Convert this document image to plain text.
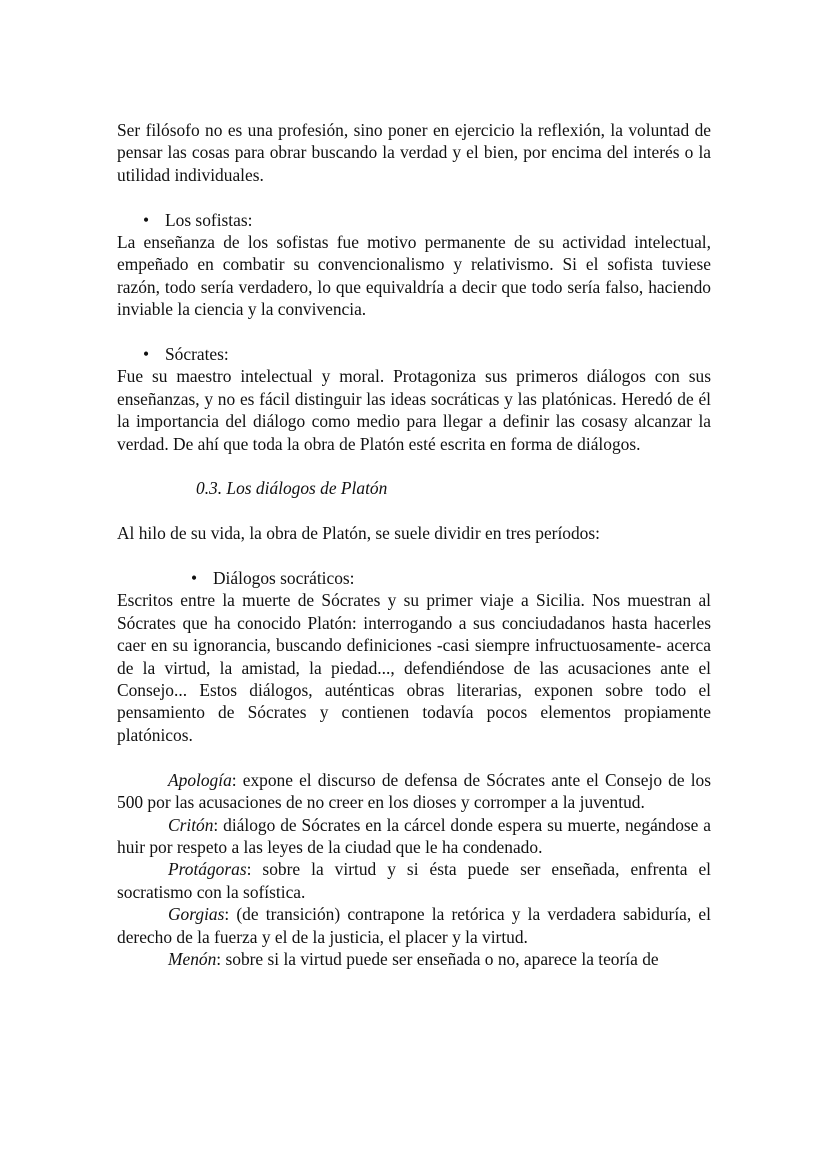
Ser filósofo no es una profesión, sino poner en ejercicio la reflexión, la voluntad de pensar las cosas para obrar buscando la verdad y el bien, por encima del interés o la utilidad individuales.

• Los sofistas:

La enseñanza de los sofistas fue motivo permanente de su actividad intelectual, empeñado en combatir su convencionalismo y relativismo. Si el sofista tuviese razón, todo sería verdadero, lo que equivaldría a decir que todo sería falso, haciendo inviable la ciencia y la convivencia.

• Sócrates:

Fue su maestro intelectual y moral. Protagoniza sus primeros diálogos con sus enseñanzas, y no es fácil distinguir las ideas socráticas y las platónicas. Heredó de él la importancia del diálogo como medio para llegar a definir las cosasy alcanzar la verdad. De ahí que toda la obra de Platón esté escrita en forma de diálogos.

0.3. Los diálogos de Platón

Al hilo de su vida, la obra de Platón, se suele dividir en tres períodos:

• Diálogos socráticos:

Escritos entre la muerte de Sócrates y su primer viaje a Sicilia. Nos muestran al Sócrates que ha conocido Platón: interrogando a sus conciudadanos hasta hacerles caer en su ignorancia, buscando definiciones -casi siempre infructuosamente- acerca de la virtud, la amistad, la piedad..., defendiéndose de las acusaciones ante el Consejo... Estos diálogos, auténticas obras literarias, exponen sobre todo el pensamiento de Sócrates y contienen todavía pocos elementos propiamente platónicos.

Apología: expone el discurso de defensa de Sócrates ante el Consejo de los 500 por las acusaciones de no creer en los dioses y corromper a la juventud.

Critón: diálogo de Sócrates en la cárcel donde espera su muerte, negándose a huir por respeto a las leyes de la ciudad que le ha condenado.

Protágoras: sobre la virtud y si ésta puede ser enseñada, enfrenta el socratismo con la sofística.

Gorgias: (de transición) contrapone la retórica y la verdadera sabiduría, el derecho de la fuerza y el de la justicia, el placer y la virtud.

Menón: sobre si la virtud puede ser enseñada o no, aparece la teoría de
